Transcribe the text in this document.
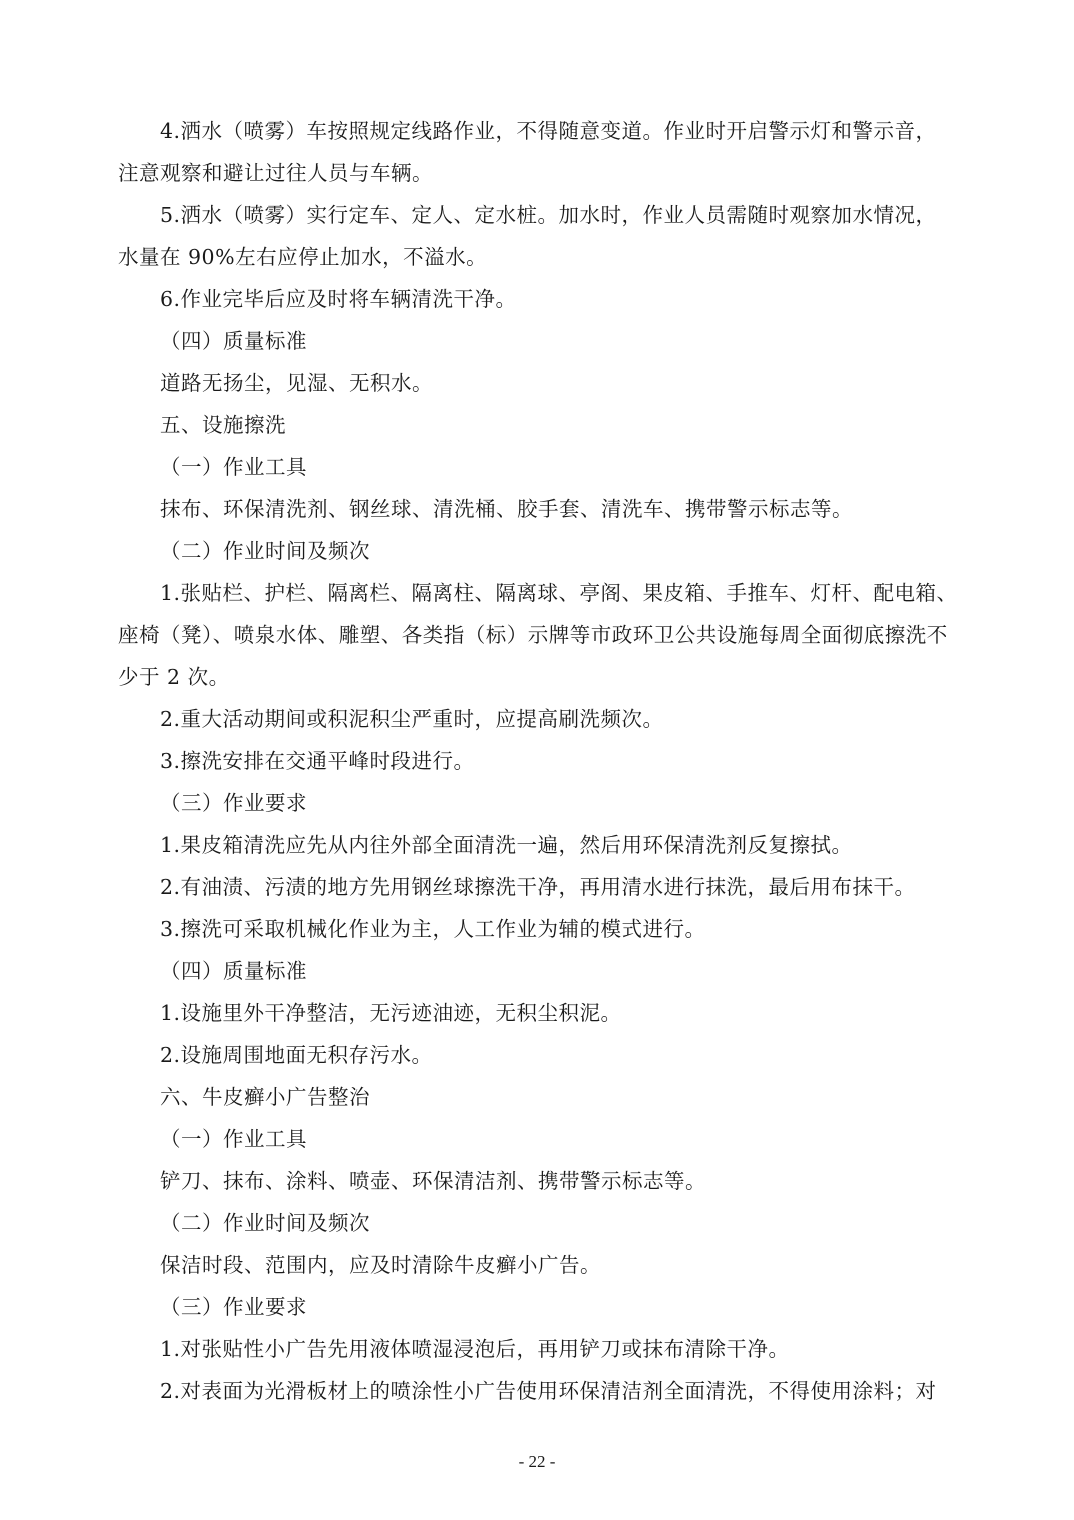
4.洒水（喷雾）车按照规定线路作业，不得随意变道。作业时开启警示灯和警示音，
注意观察和避让过往人员与车辆。
5.洒水（喷雾）实行定车、定人、定水桩。加水时，作业人员需随时观察加水情况，
水量在 90%左右应停止加水，不溢水。
6.作业完毕后应及时将车辆清洗干净。
（四）质量标准
道路无扬尘，见湿、无积水。
五、设施擦洗
（一）作业工具
抹布、环保清洗剂、钢丝球、清洗桶、胶手套、清洗车、携带警示标志等。
（二）作业时间及频次
1.张贴栏、护栏、隔离栏、隔离柱、隔离球、亭阁、果皮箱、手推车、灯杆、配电箱、
座椅（凳）、喷泉水体、雕塑、各类指（标）示牌等市政环卫公共设施每周全面彻底擦洗不
少于 2 次。
2.重大活动期间或积泥积尘严重时，应提高刷洗频次。
3.擦洗安排在交通平峰时段进行。
（三）作业要求
1.果皮箱清洗应先从内往外部全面清洗一遍，然后用环保清洗剂反复擦拭。
2.有油渍、污渍的地方先用钢丝球擦洗干净，再用清水进行抹洗，最后用布抹干。
3.擦洗可采取机械化作业为主，人工作业为辅的模式进行。
（四）质量标准
1.设施里外干净整洁，无污迹油迹，无积尘积泥。
2.设施周围地面无积存污水。
六、牛皮癣小广告整治
（一）作业工具
铲刀、抹布、涂料、喷壶、环保清洁剂、携带警示标志等。
（二）作业时间及频次
保洁时段、范围内，应及时清除牛皮癣小广告。
（三）作业要求
1.对张贴性小广告先用液体喷湿浸泡后，再用铲刀或抹布清除干净。
2.对表面为光滑板材上的喷涂性小广告使用环保清洁剂全面清洗，不得使用涂料；对
- 22 -
